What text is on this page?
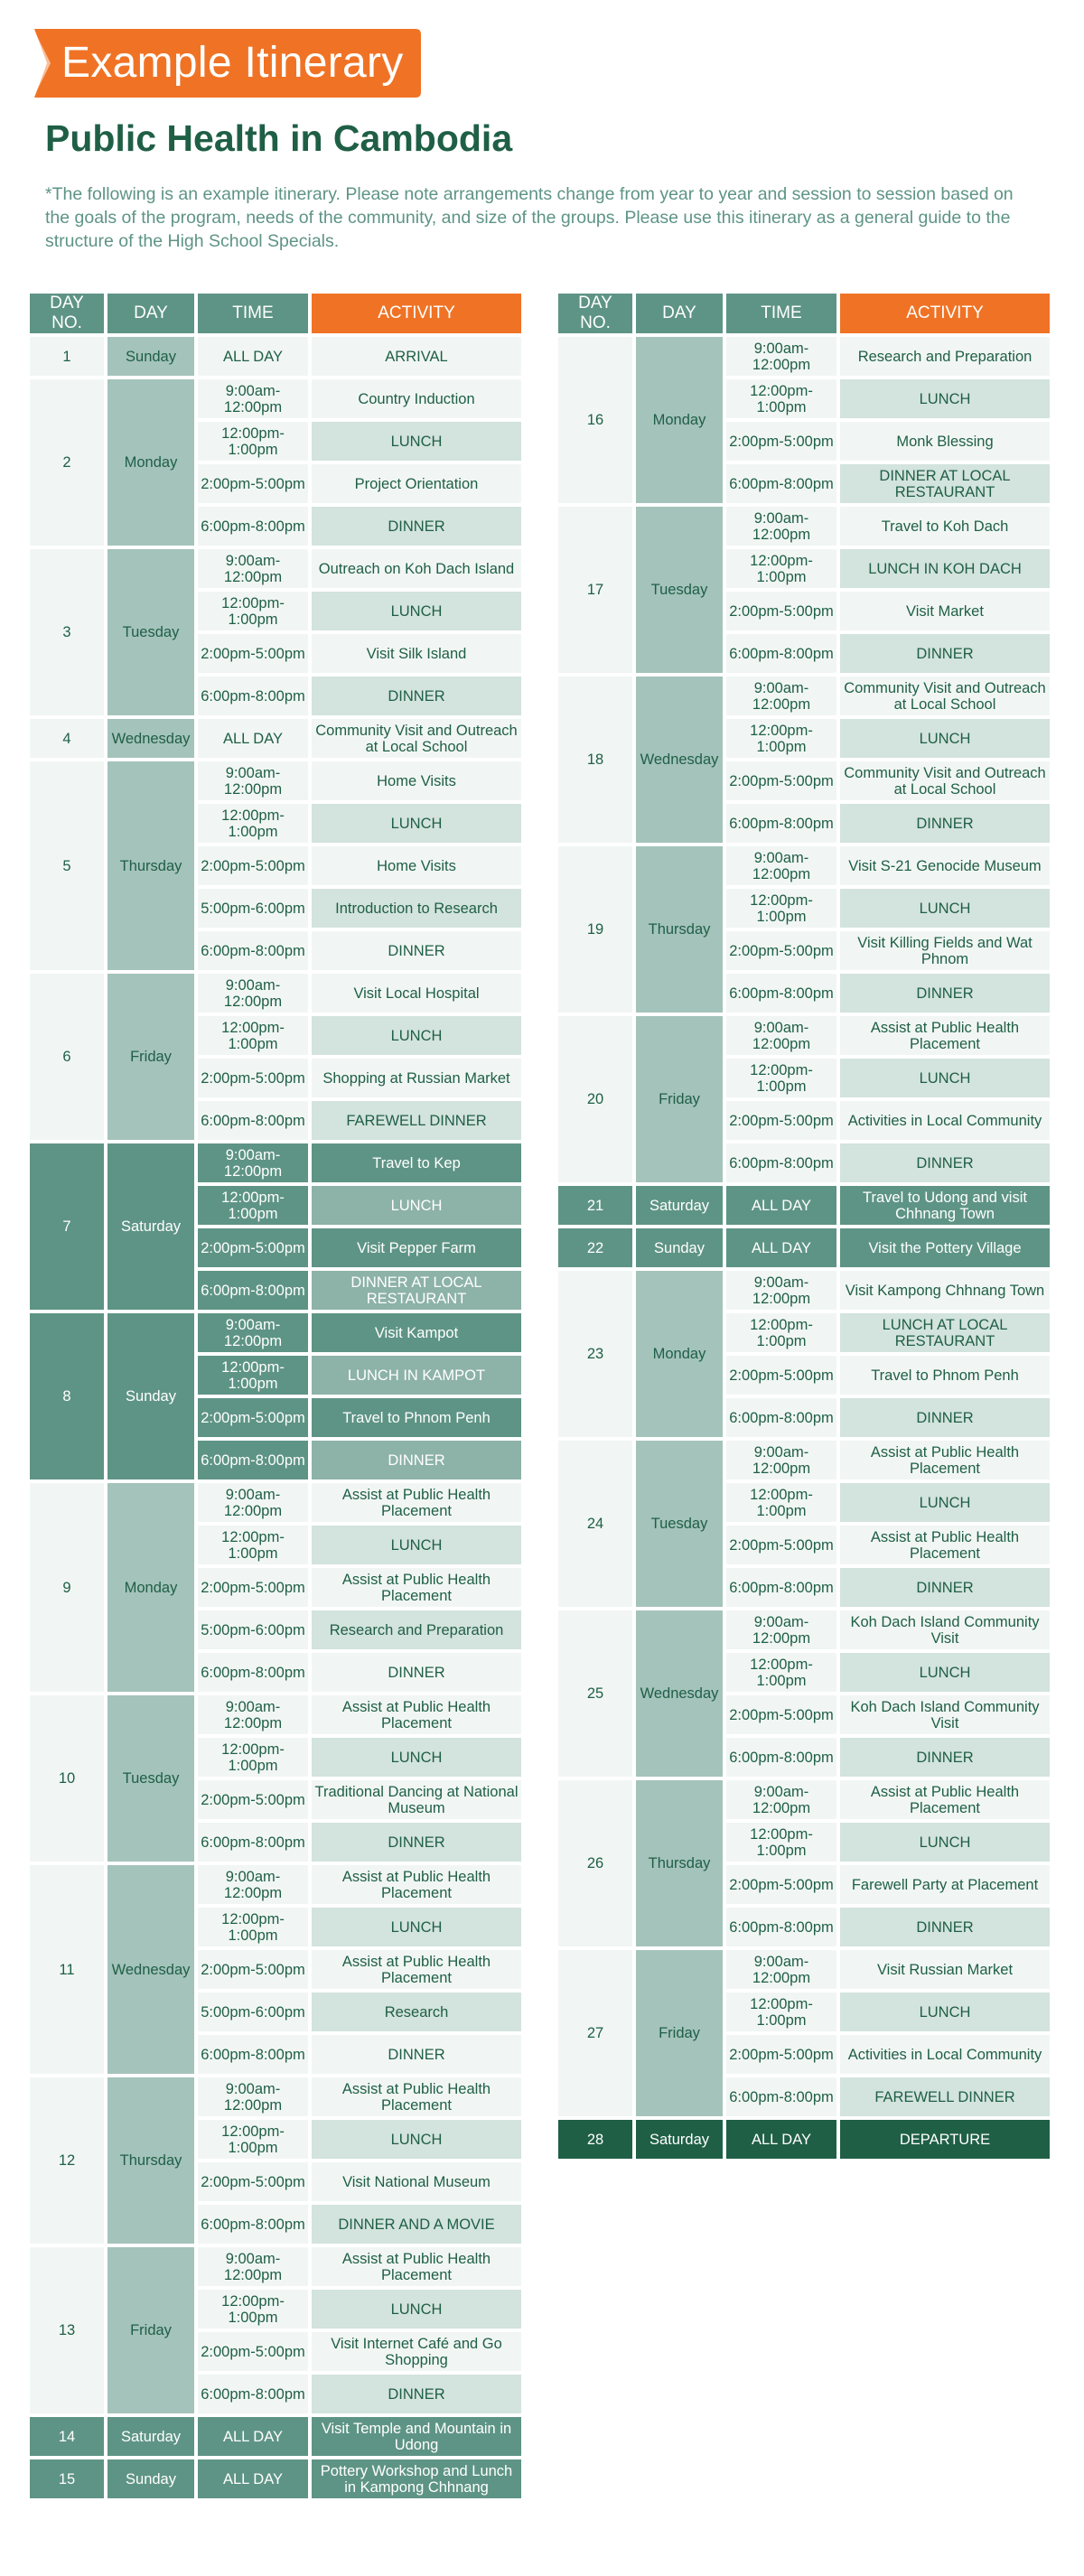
Example Itinerary
Public Health in Cambodia

*The following is an example itinerary. Please note arrangements change from year to year and session to session based on the goals of the program, needs of the community, and size of the groups. Please use this itinerary as a general guide to the structure of the High School Specials.

DAY NO.	DAY	TIME	ACTIVITY
1	Sunday	ALL DAY	ARRIVAL
2	Monday	9:00am-12:00pm	Country Induction
		12:00pm-1:00pm	LUNCH
		2:00pm-5:00pm	Project Orientation
		6:00pm-8:00pm	DINNER
3	Tuesday	9:00am-12:00pm	Outreach on Koh Dach Island
		12:00pm-1:00pm	LUNCH
		2:00pm-5:00pm	Visit Silk Island
		6:00pm-8:00pm	DINNER
4	Wednesday	ALL DAY	Community Visit and Outreach at Local School
5	Thursday	9:00am-12:00pm	Home Visits
		12:00pm-1:00pm	LUNCH
		2:00pm-5:00pm	Home Visits
		5:00pm-6:00pm	Introduction to Research
		6:00pm-8:00pm	DINNER
6	Friday	9:00am-12:00pm	Visit Local Hospital
		12:00pm-1:00pm	LUNCH
		2:00pm-5:00pm	Shopping at Russian Market
		6:00pm-8:00pm	FAREWELL DINNER
7	Saturday	9:00am-12:00pm	Travel to Kep
		12:00pm-1:00pm	LUNCH
		2:00pm-5:00pm	Visit Pepper Farm
		6:00pm-8:00pm	DINNER AT LOCAL RESTAURANT
8	Sunday	9:00am-12:00pm	Visit Kampot
		12:00pm-1:00pm	LUNCH IN KAMPOT
		2:00pm-5:00pm	Travel to Phnom Penh
		6:00pm-8:00pm	DINNER
9	Monday	9:00am-12:00pm	Assist at Public Health Placement
		12:00pm-1:00pm	LUNCH
		2:00pm-5:00pm	Assist at Public Health Placement
		5:00pm-6:00pm	Research and Preparation
		6:00pm-8:00pm	DINNER
10	Tuesday	9:00am-12:00pm	Assist at Public Health Placement
		12:00pm-1:00pm	LUNCH
		2:00pm-5:00pm	Traditional Dancing at National Museum
		6:00pm-8:00pm	DINNER
11	Wednesday	9:00am-12:00pm	Assist at Public Health Placement
		12:00pm-1:00pm	LUNCH
		2:00pm-5:00pm	Assist at Public Health Placement
		5:00pm-6:00pm	Research
		6:00pm-8:00pm	DINNER
12	Thursday	9:00am-12:00pm	Assist at Public Health Placement
		12:00pm-1:00pm	LUNCH
		2:00pm-5:00pm	Visit National Museum
		6:00pm-8:00pm	DINNER AND A MOVIE
13	Friday	9:00am-12:00pm	Assist at Public Health Placement
		12:00pm-1:00pm	LUNCH
		2:00pm-5:00pm	Visit Internet Café and Go Shopping
		6:00pm-8:00pm	DINNER
14	Saturday	ALL DAY	Visit Temple and Mountain in Udong
15	Sunday	ALL DAY	Pottery Workshop and Lunch in Kampong Chhnang
DAY NO.	DAY	TIME	ACTIVITY
16	Monday	9:00am-12:00pm	Research and Preparation
		12:00pm-1:00pm	LUNCH
		2:00pm-5:00pm	Monk Blessing
		6:00pm-8:00pm	DINNER AT LOCAL RESTAURANT
17	Tuesday	9:00am-12:00pm	Travel to Koh Dach
		12:00pm-1:00pm	LUNCH IN KOH DACH
		2:00pm-5:00pm	Visit Market
		6:00pm-8:00pm	DINNER
18	Wednesday	9:00am-12:00pm	Community Visit and Outreach at Local School
		12:00pm-1:00pm	LUNCH
		2:00pm-5:00pm	Community Visit and Outreach at Local School
		6:00pm-8:00pm	DINNER
19	Thursday	9:00am-12:00pm	Visit S-21 Genocide Museum
		12:00pm-1:00pm	LUNCH
		2:00pm-5:00pm	Visit Killing Fields and Wat Phnom
		6:00pm-8:00pm	DINNER
20	Friday	9:00am-12:00pm	Assist at Public Health Placement
		12:00pm-1:00pm	LUNCH
		2:00pm-5:00pm	Activities in Local Community
		6:00pm-8:00pm	DINNER
21	Saturday	ALL DAY	Travel to Udong and visit Chhnang Town
22	Sunday	ALL DAY	Visit the Pottery Village
23	Monday	9:00am-12:00pm	Visit Kampong Chhnang Town
		12:00pm-1:00pm	LUNCH AT LOCAL RESTAURANT
		2:00pm-5:00pm	Travel to Phnom Penh
		6:00pm-8:00pm	DINNER
24	Tuesday	9:00am-12:00pm	Assist at Public Health Placement
		12:00pm-1:00pm	LUNCH
		2:00pm-5:00pm	Assist at Public Health Placement
		6:00pm-8:00pm	DINNER
25	Wednesday	9:00am-12:00pm	Koh Dach Island Community Visit
		12:00pm-1:00pm	LUNCH
		2:00pm-5:00pm	Koh Dach Island Community Visit
		6:00pm-8:00pm	DINNER
26	Thursday	9:00am-12:00pm	Assist at Public Health Placement
		12:00pm-1:00pm	LUNCH
		2:00pm-5:00pm	Farewell Party at Placement
		6:00pm-8:00pm	DINNER
27	Friday	9:00am-12:00pm	Visit Russian Market
		12:00pm-1:00pm	LUNCH
		2:00pm-5:00pm	Activities in Local Community
		6:00pm-8:00pm	FAREWELL DINNER
28	Saturday	ALL DAY	DEPARTURE
